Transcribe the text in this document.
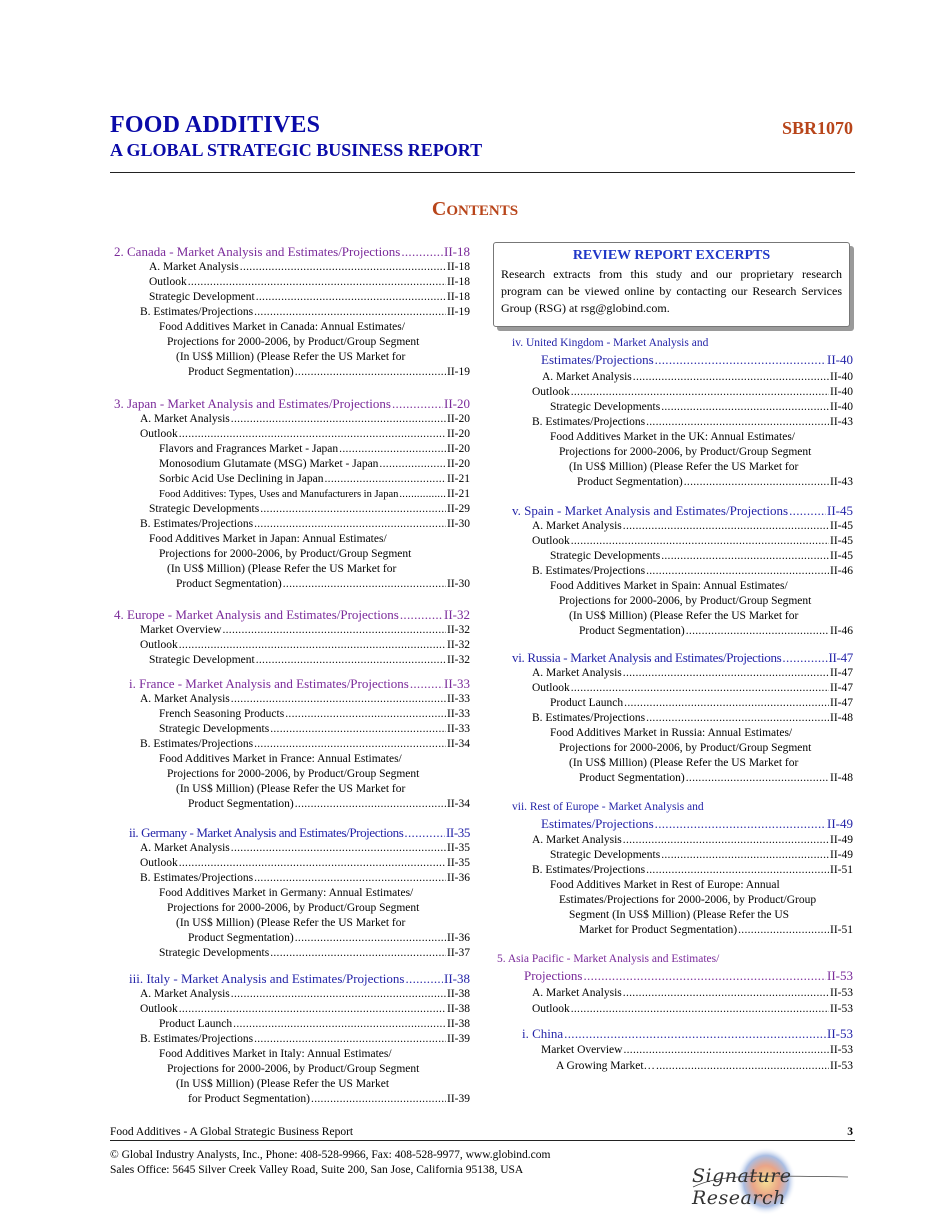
FOOD ADDITIVES
A GLOBAL STRATEGIC BUSINESS REPORT
SBR1070
CONTENTS
2. Canada - Market Analysis and Estimates/Projections .....	II-18
A. Market Analysis .....	II-18
Outlook .....	II-18
Strategic Development .....	II-18
B. Estimates/Projections .....	II-19
Food Additives Market in Canada: Annual Estimates/
Projections for 2000-2006, by Product/Group Segment
(In US$ Million) (Please Refer the US Market for
Product Segmentation) .....	II-19
3. Japan - Market Analysis and Estimates/Projections .....	II-20
A. Market Analysis .....	II-20
Outlook .....	II-20
Flavors and Fragrances Market - Japan .....	II-20
Monosodium Glutamate (MSG) Market - Japan .....	II-20
Sorbic Acid Use Declining in Japan .....	II-21
Food Additives: Types, Uses and Manufacturers in Japan .....	II-21
Strategic Developments .....	II-29
B. Estimates/Projections .....	II-30
Food Additives Market in Japan: Annual Estimates/
Projections for 2000-2006, by Product/Group Segment
(In US$ Million) (Please Refer the US Market for
Product Segmentation) .....	II-30
4. Europe - Market Analysis and Estimates/Projections .....	II-32
Market Overview .....	II-32
Outlook .....	II-32
Strategic Development .....	II-32
i. France - Market Analysis and Estimates/Projections .....	II-33
A. Market Analysis .....	II-33
French Seasoning Products .....	II-33
Strategic Developments .....	II-33
B. Estimates/Projections .....	II-34
Food Additives Market in France: Annual Estimates/
Projections for 2000-2006, by Product/Group Segment
(In US$ Million) (Please Refer the US Market for
Product Segmentation) .....	II-34
ii. Germany - Market Analysis and Estimates/Projections .....	II-35
A. Market Analysis .....	II-35
Outlook .....	II-35
B. Estimates/Projections .....	II-36
Food Additives Market in Germany: Annual Estimates/
Projections for 2000-2006, by Product/Group Segment
(In US$ Million) (Please Refer the US Market for
Product Segmentation) .....	II-36
Strategic Developments .....	II-37
iii. Italy - Market Analysis and Estimates/Projections .....	II-38
A. Market Analysis .....	II-38
Outlook .....	II-38
Product Launch .....	II-38
B. Estimates/Projections .....	II-39
Food Additives Market in Italy: Annual Estimates/
Projections for 2000-2006, by Product/Group Segment
(In US$ Million) (Please Refer the US Market
for Product Segmentation) .....	II-39
REVIEW REPORT EXCERPTS
Research extracts from this study and our proprietary research program can be viewed online by contacting our Research Services Group (RSG) at rsg@globind.com.
iv. United Kingdom - Market Analysis and
Estimates/Projections .....	II-40
A. Market Analysis .....	II-40
Outlook .....	II-40
Strategic Developments .....	II-40
B. Estimates/Projections .....	II-43
Food Additives Market in the UK: Annual Estimates/
Projections for 2000-2006, by Product/Group Segment
(In US$ Million) (Please Refer the US Market for
Product Segmentation) .....	II-43
v. Spain - Market Analysis and Estimates/Projections .....	II-45
A. Market Analysis .....	II-45
Outlook .....	II-45
Strategic Developments .....	II-45
B. Estimates/Projections .....	II-46
Food Additives Market in Spain: Annual Estimates/
Projections for 2000-2006, by Product/Group Segment
(In US$ Million) (Please Refer the US Market for
Product Segmentation) .....	II-46
vi. Russia - Market Analysis and Estimates/Projections .....	II-47
A. Market Analysis .....	II-47
Outlook .....	II-47
Product Launch .....	II-47
B. Estimates/Projections .....	II-48
Food Additives Market in Russia: Annual Estimates/
Projections for 2000-2006, by Product/Group Segment
(In US$ Million) (Please Refer the US Market for
Product Segmentation) .....	II-48
vii. Rest of Europe - Market Analysis and
Estimates/Projections .....	II-49
A. Market Analysis .....	II-49
Strategic Developments .....	II-49
B. Estimates/Projections .....	II-51
Food Additives Market in Rest of Europe: Annual
Estimates/Projections for 2000-2006, by Product/Group
Segment (In US$ Million) (Please Refer the US
Market for Product Segmentation) .....	II-51
5. Asia Pacific - Market Analysis and Estimates/
Projections .....	II-53
A. Market Analysis .....	II-53
Outlook .....	II-53
i. China .....	II-53
Market Overview .....	II-53
A Growing Market… .....	II-53
Food Additives - A Global Strategic Business Report	3
© Global Industry Analysts, Inc., Phone: 408-528-9966, Fax: 408-528-9977, www.globind.com
Sales Office: 5645 Silver Creek Valley Road, Suite 200, San Jose, California 95138, USA	Signature Research
